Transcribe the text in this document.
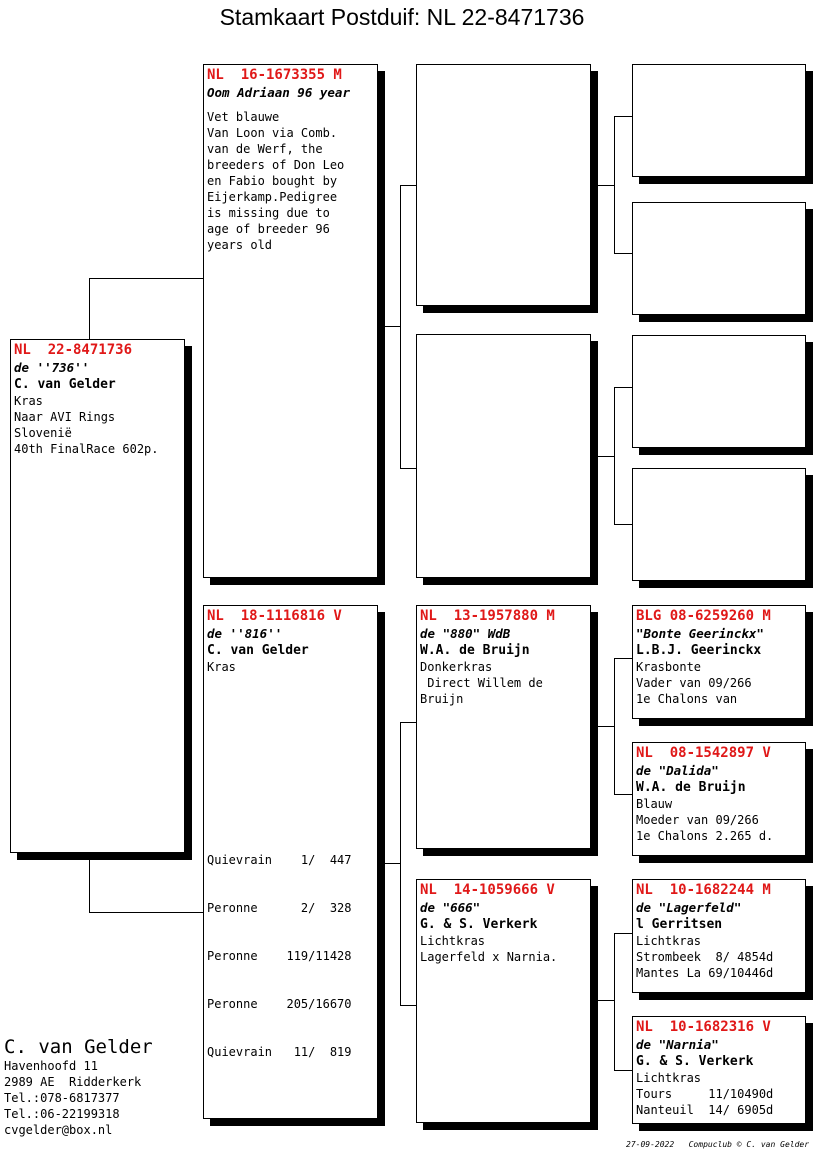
Stamkaart Postduif: NL 22-8471736
NL  22-8471736
de ''736''
C. van Gelder
Kras
Naar AVI Rings
Slovenië
40th FinalRace 602p.
NL  16-1673355 M
Oom Adriaan 96 year
Vet blauwe
Van Loon via Comb.
van de Werf, the
breeders of Don Leo
en Fabio bought by
Eijerkamp.Pedigree
is missing due to
age of breeder 96
years old
NL  18-1116816 V
de ''816''
C. van Gelder
Kras

Quievrain    1/  447

Peronne      2/  328

Peronne    119/11428

Peronne    205/16670

Quievrain   11/  819

NL  13-1957880 M
de "880" WdB
W.A. de Bruijn
Donkerkras
Direct Willem de
Bruijn
NL  14-1059666 V
de "666"
G. & S. Verkerk
Lichtkras
Lagerfeld x Narnia.
BLG 08-6259260 M
"Bonte Geerinckx"
L.B.J. Geerinckx
Krasbonte
Vader van 09/266
1e Chalons van
NL  08-1542897 V
de "Dalida"
W.A. de Bruijn
Blauw
Moeder van 09/266
1e Chalons 2.265 d.
NL  10-1682244 M
de "Lagerfeld"
l Gerritsen
Lichtkras
Strombeek  8/ 4854d
Mantes La 69/10446d
NL  10-1682316 V
de "Narnia"
G. & S. Verkerk
Lichtkras
Tours     11/10490d
Nanteuil  14/ 6905d
C. van Gelder
Havenhoofd 11
2989 AE  Ridderkerk
Tel.:078-6817377
Tel.:06-22199318
cvgelder@box.nl
27-09-2022   Compuclub © C. van Gelder
